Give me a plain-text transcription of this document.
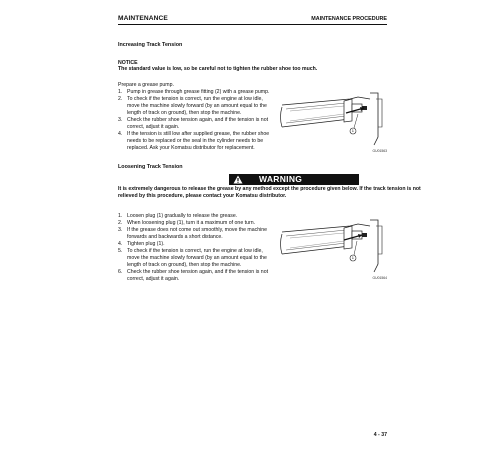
MAINTENANCE	MAINTENANCE PROCEDURE
Increasing Track Tension
NOTICE
The standard value is low, so be careful not to tighten the rubber shoe too much.
Prepare a grease pump.
1. Pump in grease through grease fitting (2) with a grease pump.
2. To check if the tension is correct, run the engine at low idle,
move the machine slowly forward (by an amount equal to the
length of track on ground), then stop the machine.
3. Check the rubber shoe tension again, and if the tension is not
correct, adjust it again.
4. If the tension is still low after supplied grease, the rubber shoe
needs to be replaced or the seal in the cylinder needs to be
replaced. Ask your Komatsu distributor for replacement.
1
GU01563
Loosening Track Tension
WARNING
It is extremely dangerous to release the grease by any method except the procedure given below. If the track tension is not
relieved by this procedure, please contact your Komatsu distributor.
1. Loosen plug (1) gradually to release the grease.
2. When loosening plug (1), turn it a maximum of one turn.
3. If the grease does not come out smoothly, move the machine
forwards and backwards a short distance.
4. Tighten plug (1).
5. To check if the tension is correct, run the engine at low idle,
move the machine slowly forward (by an amount equal to the
length of track on ground), then stop the machine.
6. Check the rubber shoe tension again, and if the tension is not
correct, adjust it again.
1
GU01564
4 - 37
